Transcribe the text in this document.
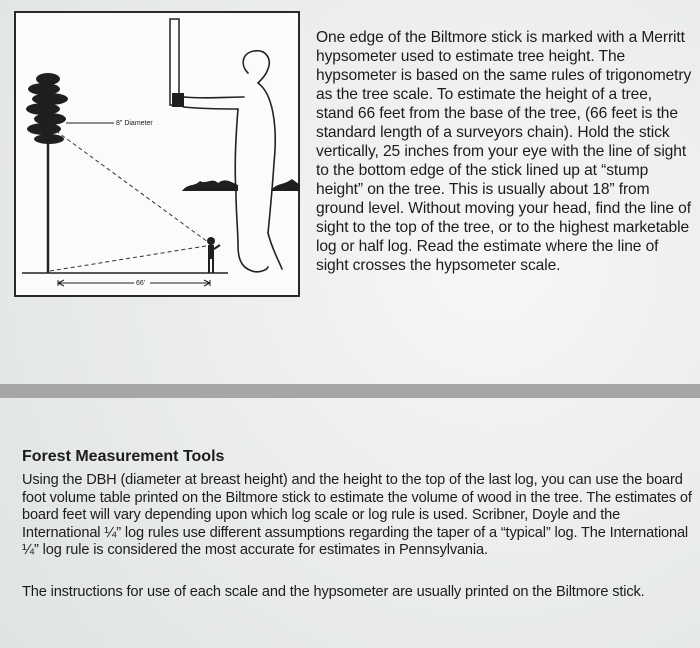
8" Diameter
66'
One edge of the Biltmore stick is marked with a Merritt hypsometer used to estimate tree height. The hypsometer is based on the same rules of trigonometry as the tree scale. To estimate the height of a tree, stand 66 feet from the base of the tree, (66 feet is the standard length of a surveyors chain). Hold the stick vertically, 25 inches from your eye with the line of sight to the bottom edge of the stick lined up at “stump height” on the tree. This is usually about 18” from ground level. Without moving your head, find the line of sight to the top of the tree, or to the highest marketable log or half log. Read the estimate where the line of sight crosses the hypsometer scale.
Forest Measurement Tools
Using the DBH (diameter at breast height) and the height to the top of the last log, you can use the board foot volume table printed on the Biltmore stick to estimate the volume of wood in the tree. The estimates of board feet will vary depending upon which log scale or log rule is used. Scribner, Doyle and the International ¼” log rules use different assumptions regarding the taper of a “typical” log. The International ¼” log rule is considered the most accurate for estimates in Pennsylvania.
The instructions for use of each scale and the hypsometer are usually printed on the Biltmore stick.
